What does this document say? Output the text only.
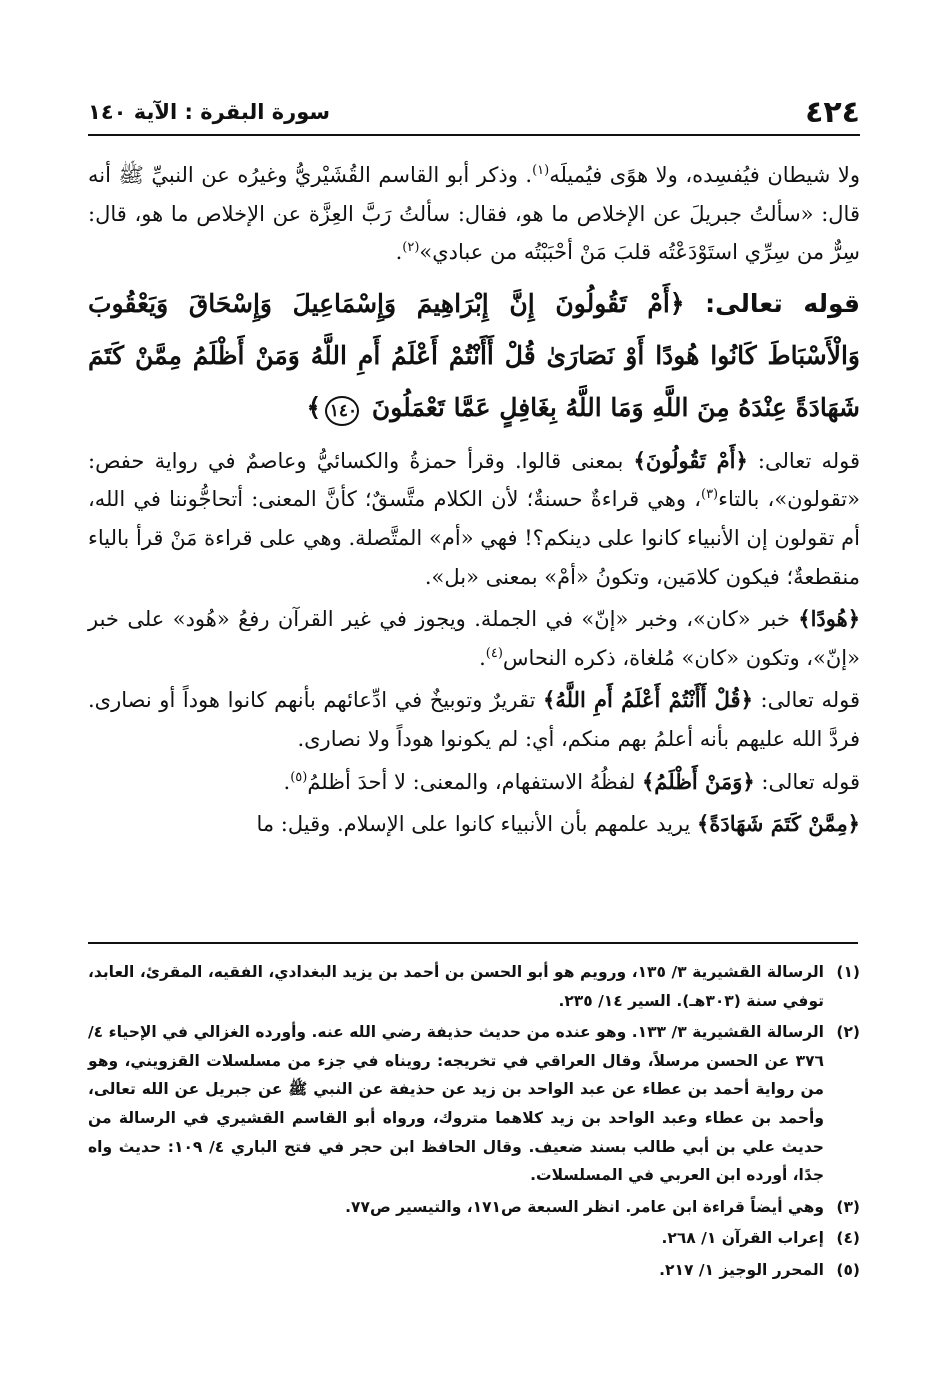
٤٢٤
سورة البقرة : الآية ١٤٠

ولا شيطان فيُفسِده، ولا هوًى فيُميلَه$^{(١)}$. وذكر أبو القاسم القُشَيْريُّ وغيرُه عن النبيِّ ﷺ أنه قال: «سألتُ جبريلَ عن الإخلاص ما هو، فقال: سألتُ رَبَّ العِزَّة عن الإخلاص ما هو، قال: سِرٌّ من سِرِّي استَوْدَعْتُه قلبَ مَنْ أحْبَبْتُه من عبادي»$^{(٢)}$.

قوله تعالى: ﴿أَمْ تَقُولُونَ إِنَّ إِبْرَاهِيمَ وَإِسْمَاعِيلَ وَإِسْحَاقَ وَيَعْقُوبَ وَالْأَسْبَاطَ كَانُوا هُودًا أَوْ نَصَارَىٰ قُلْ أَأَنْتُمْ أَعْلَمُ أَمِ اللَّهُ وَمَنْ أَظْلَمُ مِمَّنْ كَتَمَ شَهَادَةً عِنْدَهُ مِنَ اللَّهِ وَمَا اللَّهُ بِغَافِلٍ عَمَّا تَعْمَلُونَ ١٤٠﴾

قوله تعالى: ﴿أَمْ تَقُولُونَ﴾ بمعنى قالوا. وقرأ حمزةُ والكسائيُّ وعاصمٌ في رواية حفص: «تقولون»، بالتاء$^{(٣)}$، وهي قراءةٌ حسنةٌ؛ لأن الكلام متَّسقٌ؛ كأنَّ المعنى: أتحاجُّوننا في الله، أم تقولون إن الأنبياء كانوا على دينكم؟! فهي «أم» المتَّصلة. وهي على قراءة مَنْ قرأ بالياء منقطعةٌ؛ فيكون كلامَين، وتكونُ «أمْ» بمعنى «بل».

﴿هُودًا﴾ خبر «كان»، وخبر «إنّ» في الجملة. ويجوز في غير القرآن رفعُ «هُود» على خبر «إنّ»، وتكون «كان» مُلغاة، ذكره النحاس$^{(٤)}$.

قوله تعالى: ﴿قُلْ أَأَنْتُمْ أَعْلَمُ أَمِ اللَّهُ﴾ تقريرٌ وتوبيخٌ في ادِّعائهم بأنهم كانوا هوداً أو نصارى. فردَّ الله عليهم بأنه أعلمُ بهم منكم، أي: لم يكونوا هوداً ولا نصارى.

قوله تعالى: ﴿وَمَنْ أَظْلَمُ﴾ لفظُهُ الاستفهام، والمعنى: لا أحدَ أظلمُ$^{(٥)}$.

﴿مِمَّنْ كَتَمَ شَهَادَةً﴾ يريد علمهم بأن الأنبياء كانوا على الإسلام. وقيل: ما

(١)
الرسالة القشيرية ٣/ ١٣٥، ورويم هو أبو الحسن بن أحمد بن يزيد البغدادي، الفقيه، المقرئ، العابد، توفي سنة (٣٠٣هـ). السير ١٤/ ٢٣٥.
(٢)
الرسالة القشيرية ٣/ ١٣٣. وهو عنده من حديث حذيفة رضي الله عنه. وأورده الغزالي في الإحياء ٤/ ٣٧٦ عن الحسن مرسلاً، وقال العراقي في تخريجه: رويناه في جزء من مسلسلات القزويني، وهو من رواية أحمد بن عطاء عن عبد الواحد بن زيد عن حذيفة عن النبي ﷺ عن جبريل عن الله تعالى، وأحمد بن عطاء وعبد الواحد بن زيد كلاهما متروك، ورواه أبو القاسم القشيري في الرسالة من حديث علي بن أبي طالب بسند ضعيف. وقال الحافظ ابن حجر في فتح الباري ٤/ ١٠٩: حديث واه جدًا، أورده ابن العربي في المسلسلات.
(٣)
وهي أيضاً قراءة ابن عامر. انظر السبعة ص١٧١، والتيسير ص٧٧.
(٤)
إعراب القرآن ١/ ٢٦٨.
(٥)
المحرر الوجيز ١/ ٢١٧.
